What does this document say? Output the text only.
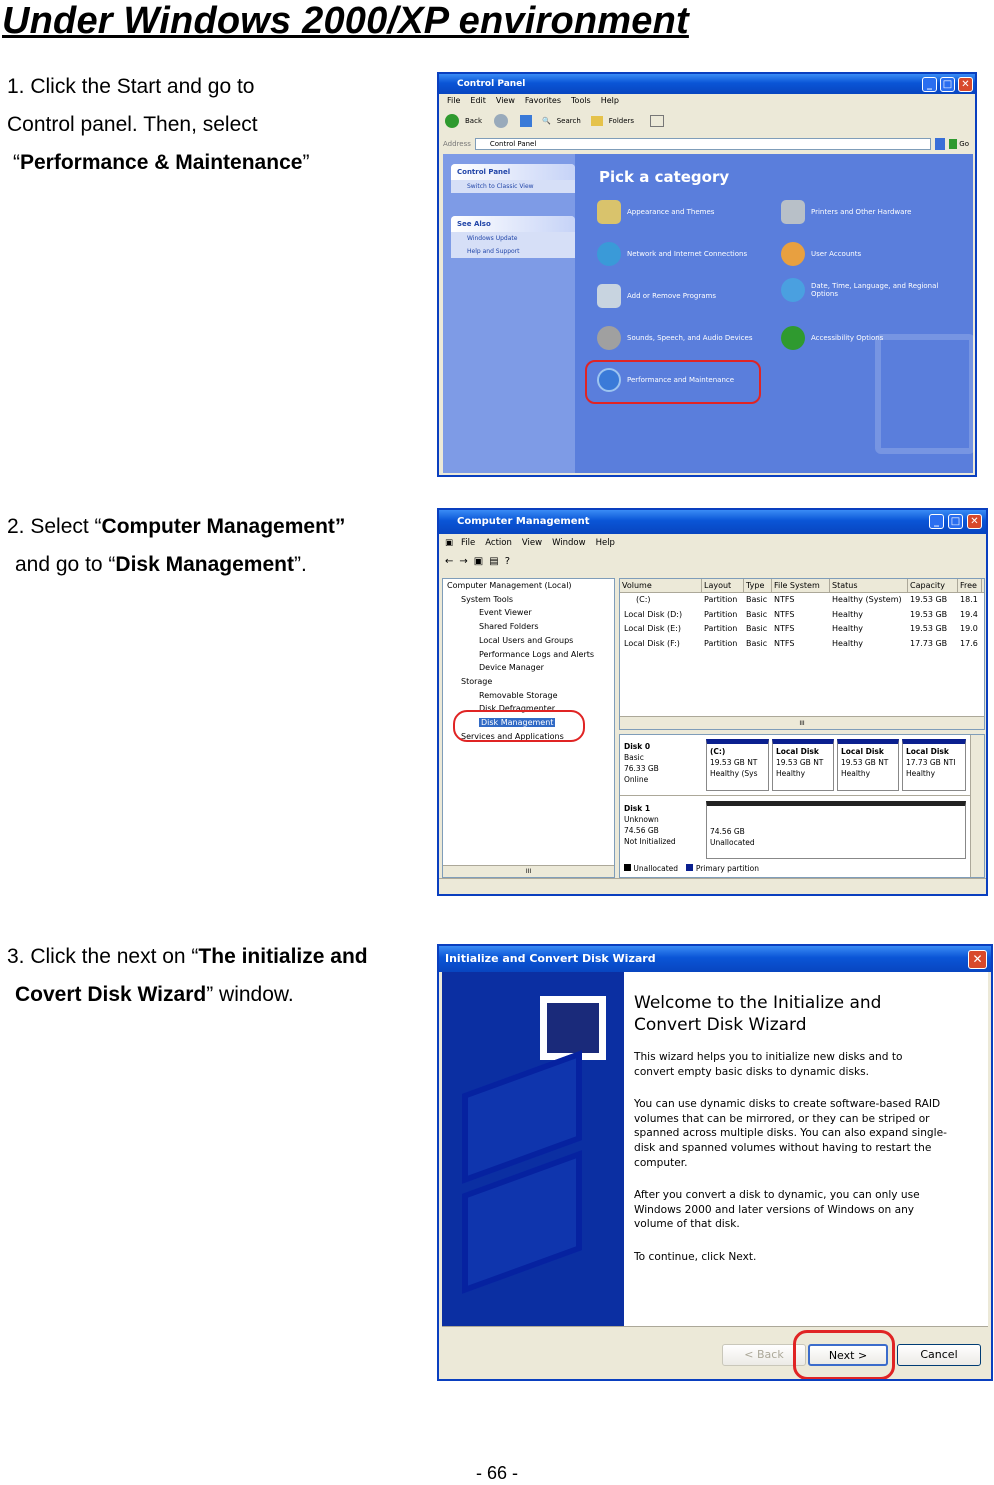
Under Windows 2000/XP environment
1. Click the Start and go to
Control panel. Then, select
“Performance & Maintenance”
2. Select “Computer Management”
and go to “Disk Management”.
3. Click the next on “The initialize and
Covert Disk Wizard” window.
Control Panel	_	□ ✕
File Edit View Favorites Tools Help
Back	🔍 Search	Folders
Address	Control Panel	Go
Control Panel
Switch to Classic View
See Also
Windows Update
Help and Support
Pick a category
Appearance and Themes	Printers and Other Hardware
Network and Internet Connections	User Accounts
Add or Remove Programs
Date, Time, Language, and Regional Options
Sounds, Speech, and Audio Devices	Accessibility Options
Performance and Maintenance
Computer Management	_	□	✕
▣ File Action View Window Help
←→▣▤?
Computer Management (Local)
System Tools
Event Viewer
Shared Folders
Local Users and Groups
Performance Logs and Alerts
Device Manager
Storage
Removable Storage
Disk Defragmenter
Disk Management
Services and Applications
III
Volume	Layout	Type	File System	Status	Capacity	Free
(C:)	Partition	Basic NTFS	Healthy (System)	19.53 GB	18.1
Local Disk (D:)	Partition	Basic NTFS	Healthy	19.53 GB	19.4
Local Disk (E:)	Partition	Basic NTFS	Healthy	19.53 GB	19.0
Local Disk (F:)	Partition	Basic NTFS	Healthy	17.73 GB	17.6
III
Disk 0
Basic
76.33 GB
Online
(C:)
19.53 GB NT
Healthy (Sys
Local Disk
19.53 GB NT
Healthy
Local Disk
19.53 GB NT
Healthy
Local Disk
17.73 GB NTI
Healthy
Disk 1
Unknown
74.56 GB
Not Initialized
74.56 GB
Unallocated
Unallocated Primary partition
Initialize and Convert Disk Wizard	✕
Welcome to the Initialize and Convert Disk Wizard
This wizard helps you to initialize new disks and to convert empty basic disks to dynamic disks.
You can use dynamic disks to create software-based RAID volumes that can be mirrored, or they can be striped or spanned across multiple disks. You can also expand single-disk and spanned volumes without having to restart the computer.
After you convert a disk to dynamic, you can only use Windows 2000 and later versions of Windows on any volume of that disk.
To continue, click Next.
< Back	Next >	Cancel
- 66 -
